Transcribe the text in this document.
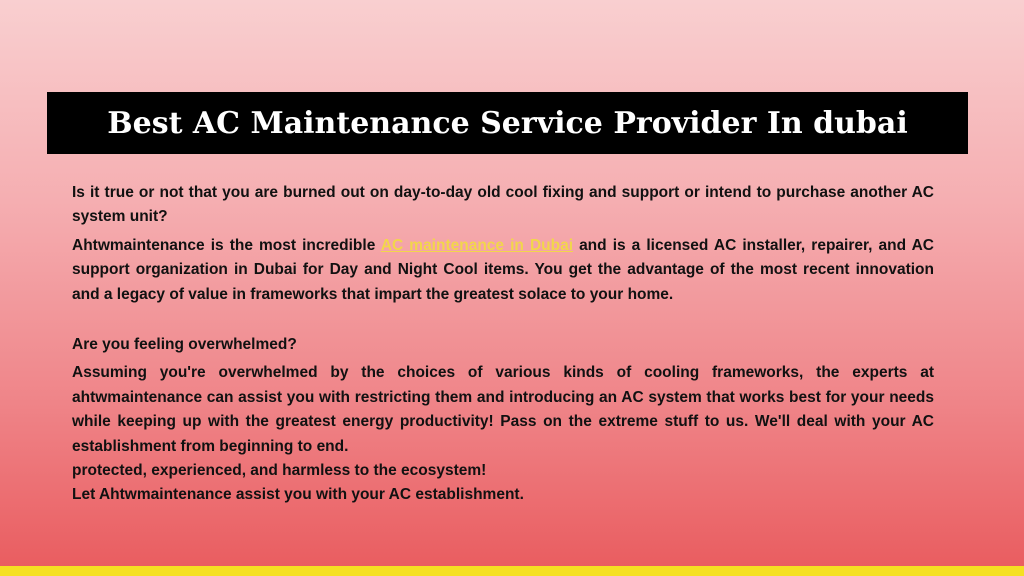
Best AC Maintenance Service Provider In dubai

Is it true or not that you are burned out on day-to-day old cool fixing and support or intend to purchase another AC system unit?

Ahtwmaintenance is the most incredible AC maintenance in Dubai and is a licensed AC installer, repairer, and AC support organization in Dubai for Day and Night Cool items. You get the advantage of the most recent innovation and a legacy of value in frameworks that impart the greatest solace to your home.

Are you feeling overwhelmed?

Assuming you're overwhelmed by the choices of various kinds of cooling frameworks, the experts at ahtwmaintenance can assist you with restricting them and introducing an AC system that works best for your needs while keeping up with the greatest energy productivity! Pass on the extreme stuff to us. We'll deal with your AC establishment from beginning to end.

protected, experienced, and harmless to the ecosystem!

Let Ahtwmaintenance assist you with your AC establishment.
